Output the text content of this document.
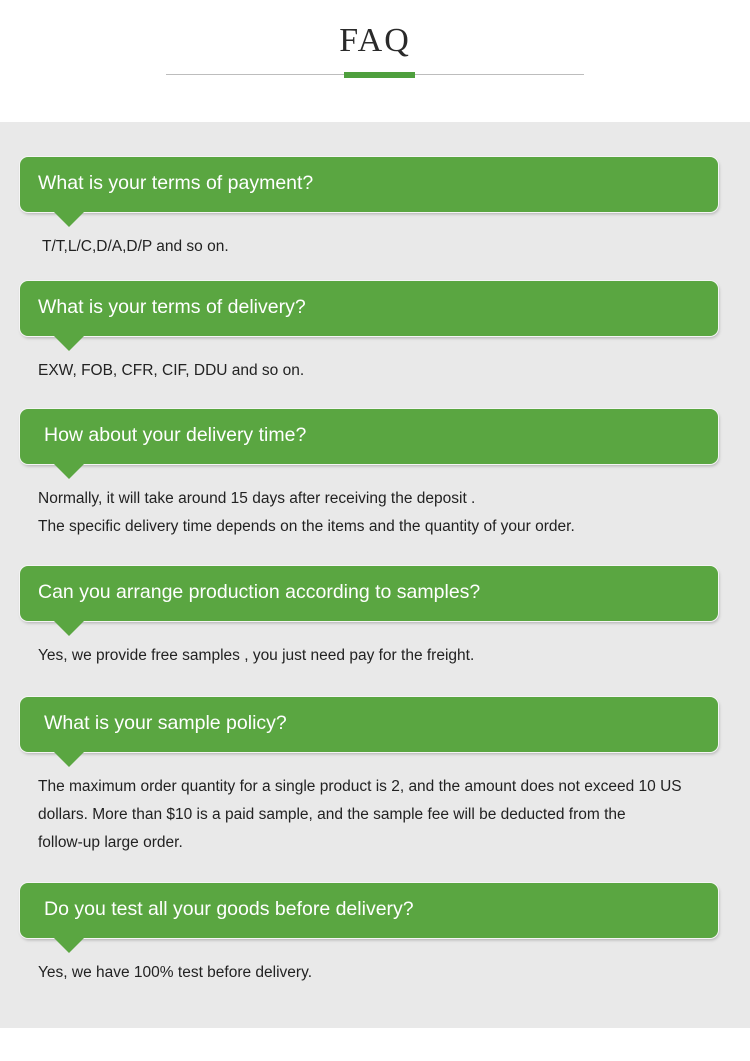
FAQ
What is your terms of payment?
T/T,L/C,D/A,D/P and so on.
What is your terms of delivery?
EXW, FOB, CFR, CIF, DDU and so on.
How about your delivery time?
Normally, it will take around 15 days after receiving the deposit .
The specific delivery time depends on the items and the quantity of your order.
Can you arrange production according to samples?
Yes, we provide free samples , you just need pay for the freight.
What is your sample policy?
The maximum order quantity for a single product is 2, and the amount does not exceed 10 US
dollars. More than $10 is a paid sample, and the sample fee will be deducted from the
follow-up large order.
Do you test all your goods before delivery?
Yes, we have 100% test before delivery.
